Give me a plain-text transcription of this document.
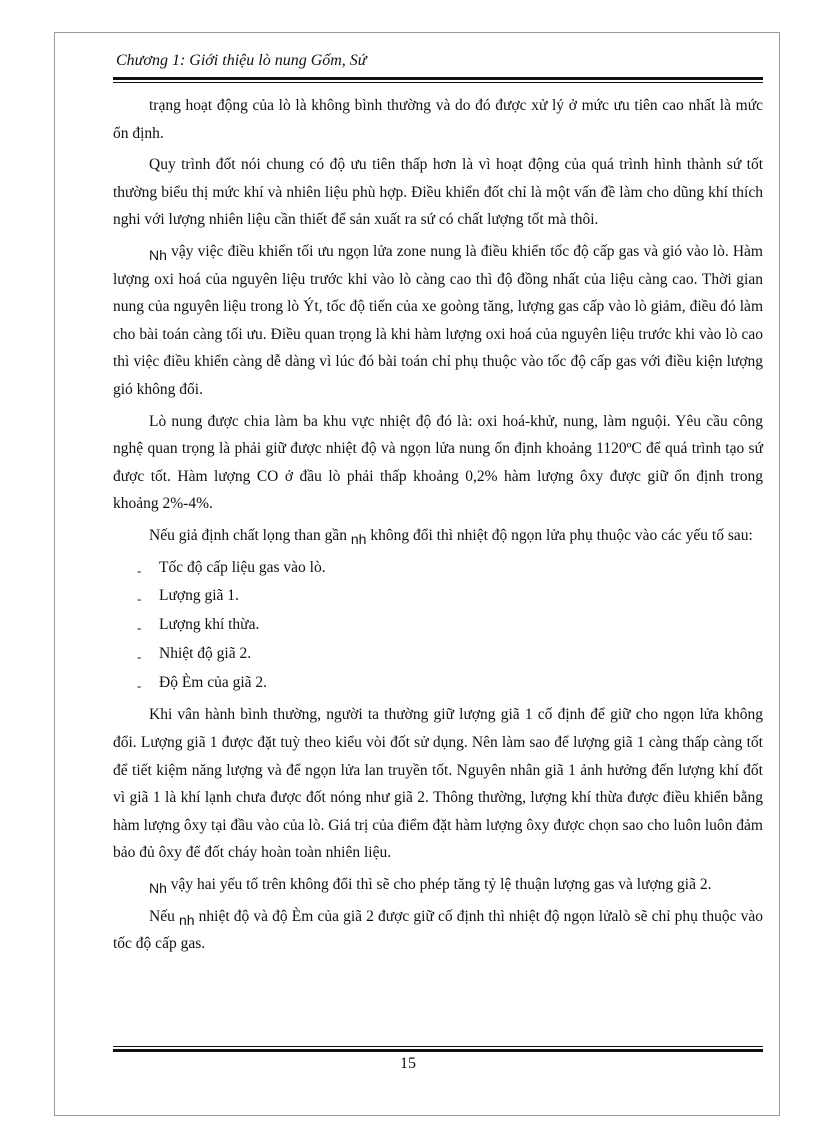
Chương 1: Giới thiệu lò nung Gốm, Sứ

trạng hoạt động của lò là không bình thường và do đó được xử lý ở mức ưu tiên cao nhất là mức ổn định.

Quy trình đốt nói chung có độ ưu tiên thấp hơn là vì hoạt động của quá trình hình thành sứ tốt thường biểu thị mức khí và nhiên liệu phù hợp. Điều khiển đốt chỉ là một vấn đề làm cho dũng khí thích nghi với lượng nhiên liệu cần thiết để sản xuất ra sứ có chất lượng tốt mà thôi.

Nh vậy việc điều khiển tối ưu ngọn lửa zone nung là điều khiển tốc độ cấp gas và gió vào lò. Hàm lượng oxi hoá của nguyên liệu trước khi vào lò càng cao thì độ đồng nhất của liệu càng cao. Thời gian nung của nguyên liệu trong lò Ýt, tốc độ tiến của xe goòng tăng, lượng gas cấp vào lò giảm, điều đó làm cho bài toán càng tối ưu. Điều quan trọng là khi hàm lượng oxi hoá của nguyên liệu trước khi vào lò cao thì việc điều khiển càng dễ dàng vì lúc đó bài toán chỉ phụ thuộc vào tốc độ cấp gas với điều kiện lượng gió không đổi.

Lò nung được chia làm ba khu vực nhiệt độ đó là: oxi hoá-khử, nung, làm nguội. Yêu cầu công nghệ quan trọng là phải giữ được nhiệt độ và ngọn lửa nung ổn định khoảng 1120ºC để quá trình tạo sứ được tốt. Hàm lượng CO ở đầu lò phải thấp khoảng 0,2% hàm lượng ôxy được giữ ổn định trong khoảng 2%-4%.

Nếu giả định chất lọng than gần nh không đổi thì nhiệt độ ngọn lửa phụ thuộc vào các yếu tố sau:

- Tốc độ cấp liệu gas vào lò.
- Lượng giã 1.
- Lượng khí thừa.
- Nhiệt độ giã 2.
- Độ Èm của giã 2.

Khi vân hành bình thường, người ta thường giữ lượng giã 1 cố định để giữ cho ngọn lửa không đổi. Lượng giã 1 được đặt tuỳ theo kiểu vòi đốt sử dụng. Nên làm sao để lượng giã 1 càng thấp càng tốt để tiết kiệm năng lượng và để ngọn lửa lan truyền tốt. Nguyên nhân giã 1 ảnh hưởng đến lượng khí đốt vì giã 1 là khí lạnh chưa được đốt nóng như giã 2. Thông thường, lượng khí thừa được điều khiển bằng hàm lượng ôxy tại đầu vào của lò. Giá trị của điểm đặt hàm lượng ôxy được chọn sao cho luôn luôn đảm bảo đủ ôxy để đốt cháy hoàn toàn nhiên liệu.

Nh vậy hai yếu tố trên không đổi thì sẽ cho phép tăng tỷ lệ thuận lượng gas và lượng giã 2.

Nếu nh nhiệt độ và độ Èm của giã 2 được giữ cố định thì nhiệt độ ngọn lửalò sẽ chỉ phụ thuộc vào tốc độ cấp gas.

15
